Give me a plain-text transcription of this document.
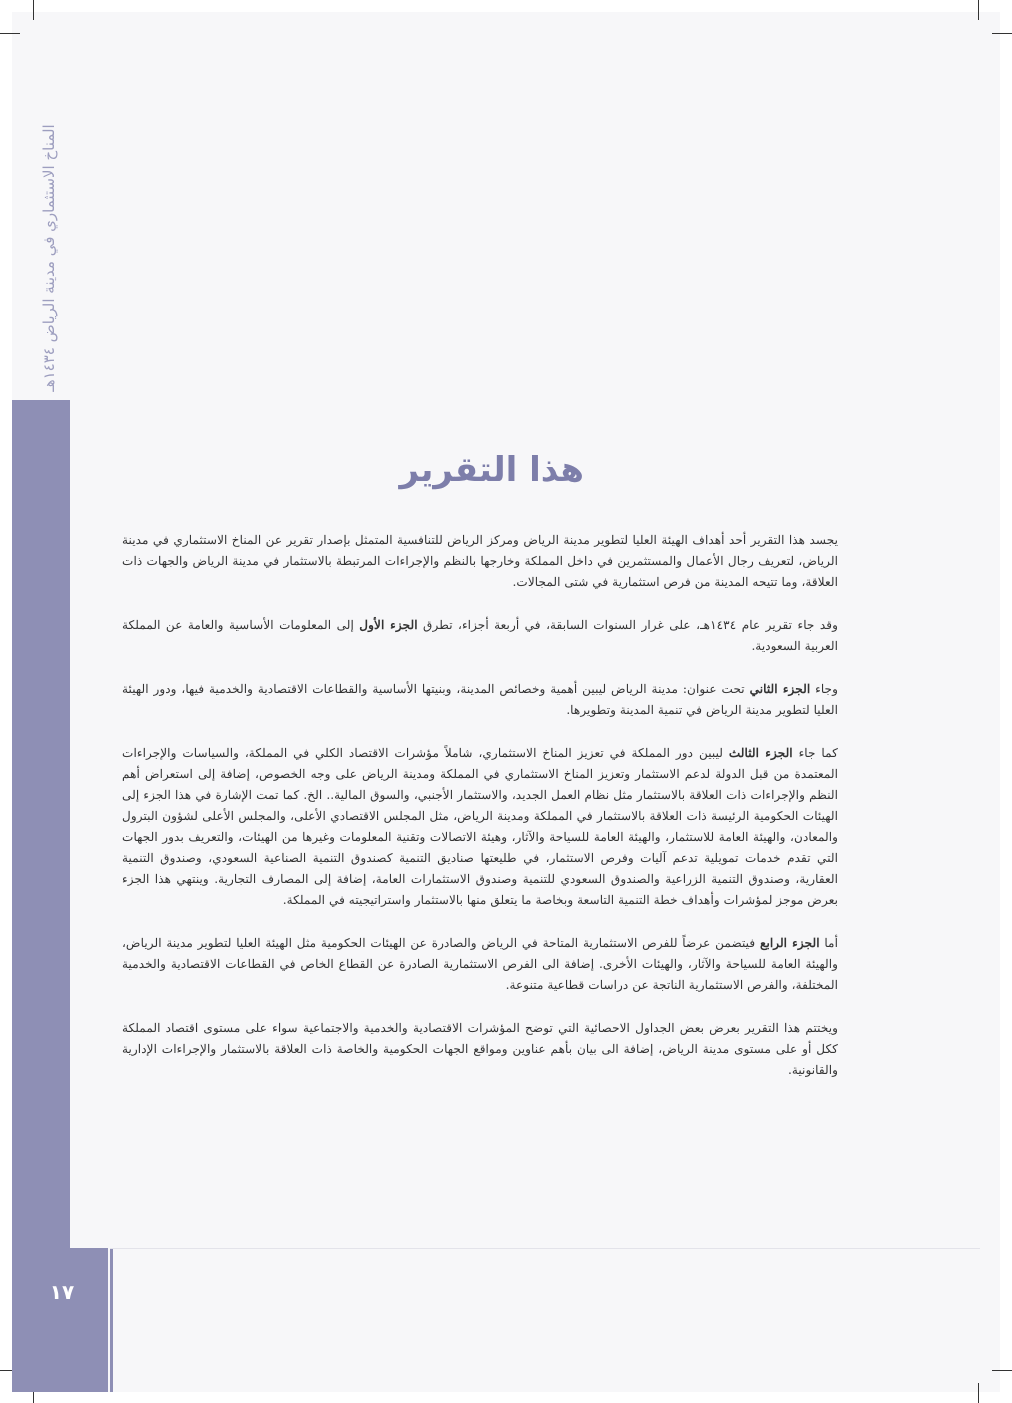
المناخ الاستثماري في مدينة الرياض ١٤٣٤هـ
١٧
هذا التقرير

يجسد هذا التقرير أحد أهداف الهيئة العليا لتطوير مدينة الرياض ومركز الرياض للتنافسية المتمثل بإصدار تقرير عن المناخ الاستثماري في مدينة الرياض، لتعريف رجال الأعمال والمستثمرين في داخل المملكة وخارجها بالنظم والإجراءات المرتبطة بالاستثمار في مدينة الرياض والجهات ذات العلاقة، وما تتيحه المدينة من فرص استثمارية في شتى المجالات.

وقد جاء تقرير عام ١٤٣٤هـ، على غرار السنوات السابقة، في أربعة أجزاء، تطرق الجزء الأول إلى المعلومات الأساسية والعامة عن المملكة العربية السعودية.

وجاء الجزء الثاني تحت عنوان: مدينة الرياض ليبين أهمية وخصائص المدينة، وبنيتها الأساسية والقطاعات الاقتصادية والخدمية فيها، ودور الهيئة العليا لتطوير مدينة الرياض في تنمية المدينة وتطويرها.

كما جاء الجزء الثالث ليبين دور المملكة في تعزيز المناخ الاستثماري، شاملاً مؤشرات الاقتصاد الكلي في المملكة، والسياسات والإجراءات المعتمدة من قبل الدولة لدعم الاستثمار وتعزيز المناخ الاستثماري في المملكة ومدينة الرياض على وجه الخصوص، إضافة إلى استعراض أهم النظم والإجراءات ذات العلاقة بالاستثمار مثل نظام العمل الجديد، والاستثمار الأجنبي، والسوق المالية.. الخ. كما تمت الإشارة في هذا الجزء إلى الهيئات الحكومية الرئيسة ذات العلاقة بالاستثمار في المملكة ومدينة الرياض، مثل المجلس الاقتصادي الأعلى، والمجلس الأعلى لشؤون البترول والمعادن، والهيئة العامة للاستثمار، والهيئة العامة للسياحة والآثار، وهيئة الاتصالات وتقنية المعلومات وغيرها من الهيئات، والتعريف بدور الجهات التي تقدم خدمات تمويلية تدعم آليات وفرص الاستثمار، في طليعتها صناديق التنمية كصندوق التنمية الصناعية السعودي، وصندوق التنمية العقارية، وصندوق التنمية الزراعية والصندوق السعودي للتنمية وصندوق الاستثمارات العامة، إضافة إلى المصارف التجارية. وينتهي هذا الجزء بعرض موجز لمؤشرات وأهداف خطة التنمية التاسعة وبخاصة ما يتعلق منها بالاستثمار واستراتيجيته في المملكة.

أما الجزء الرابع فيتضمن عرضاً للفرص الاستثمارية المتاحة في الرياض والصادرة عن الهيئات الحكومية مثل الهيئة العليا لتطوير مدينة الرياض، والهيئة العامة للسياحة والآثار، والهيئات الأخرى. إضافة الى الفرص الاستثمارية الصادرة عن القطاع الخاص في القطاعات الاقتصادية والخدمية المختلفة، والفرص الاستثمارية الناتجة عن دراسات قطاعية متنوعة.

ويختتم هذا التقرير بعرض بعض الجداول الاحصائية التي توضح المؤشرات الاقتصادية والخدمية والاجتماعية سواء على مستوى اقتصاد المملكة ككل أو على مستوى مدينة الرياض، إضافة الى بيان بأهم عناوين ومواقع الجهات الحكومية والخاصة ذات العلاقة بالاستثمار والإجراءات الإدارية والقانونية.
